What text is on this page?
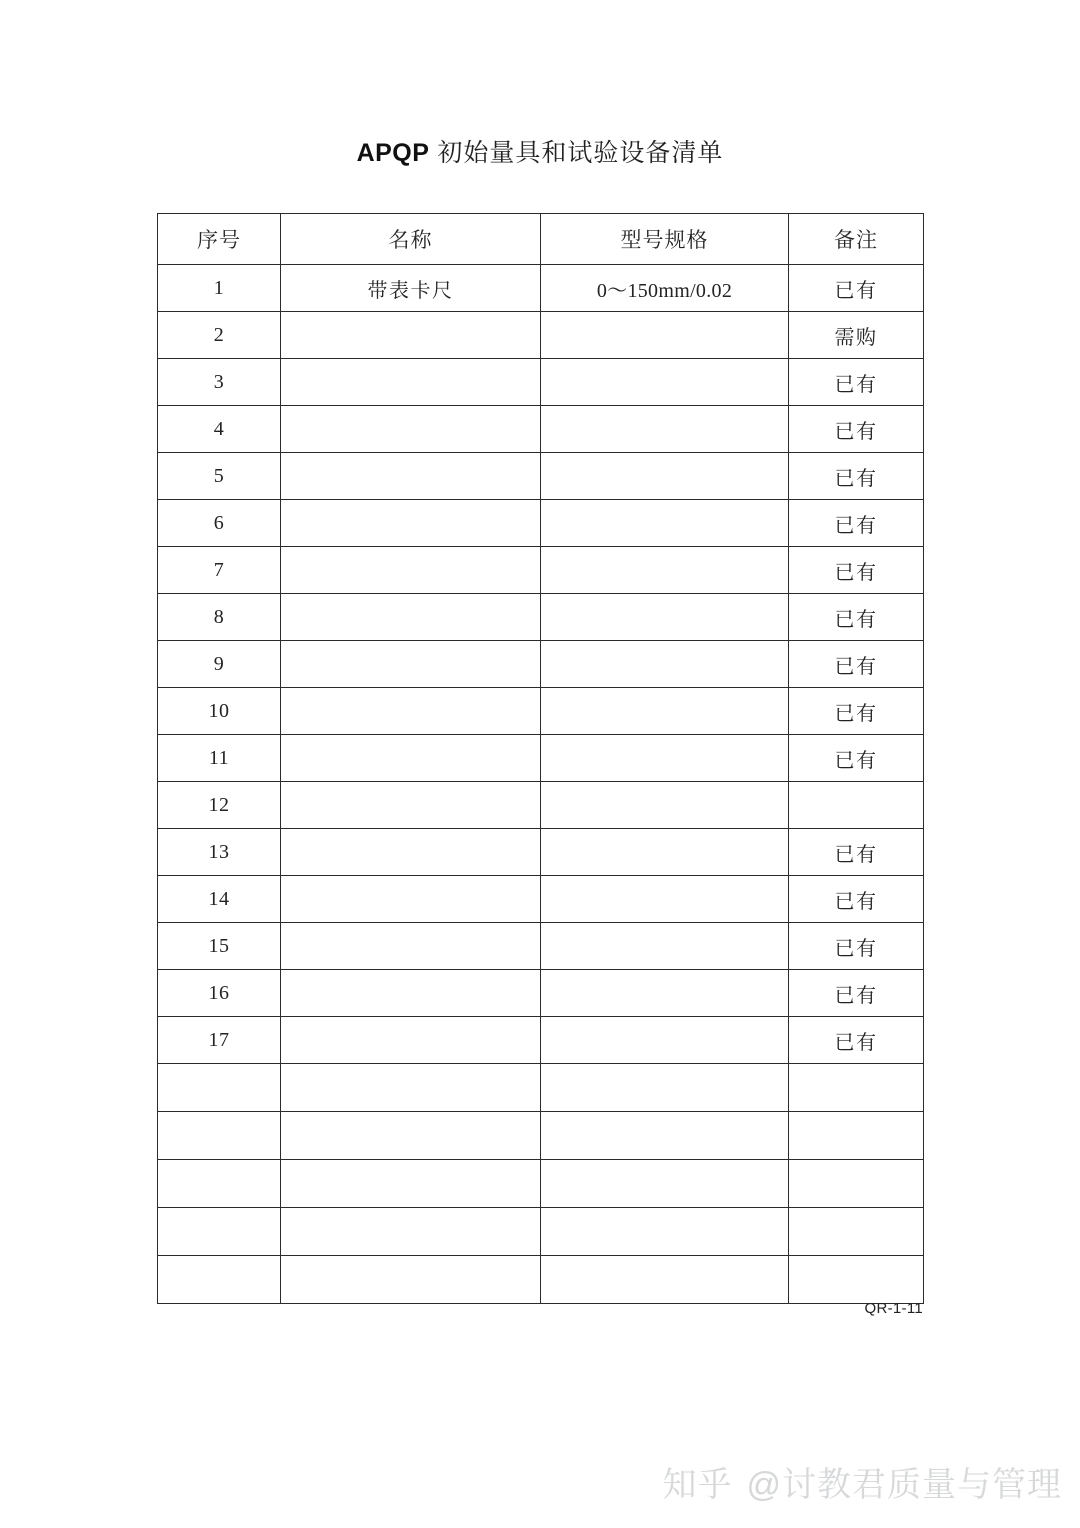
APQP 初始量具和试验设备清单
序号	名称	型号规格	备注
1	带表卡尺	0～150mm/0.02	已有
2			需购
3			已有
4			已有
5			已有
6			已有
7			已有
8			已有
9			已有
10			已有
11			已有
12			
13			已有
14			已有
15			已有
16			已有
17			已有

QR-1-11
知乎 @讨教君质量与管理
